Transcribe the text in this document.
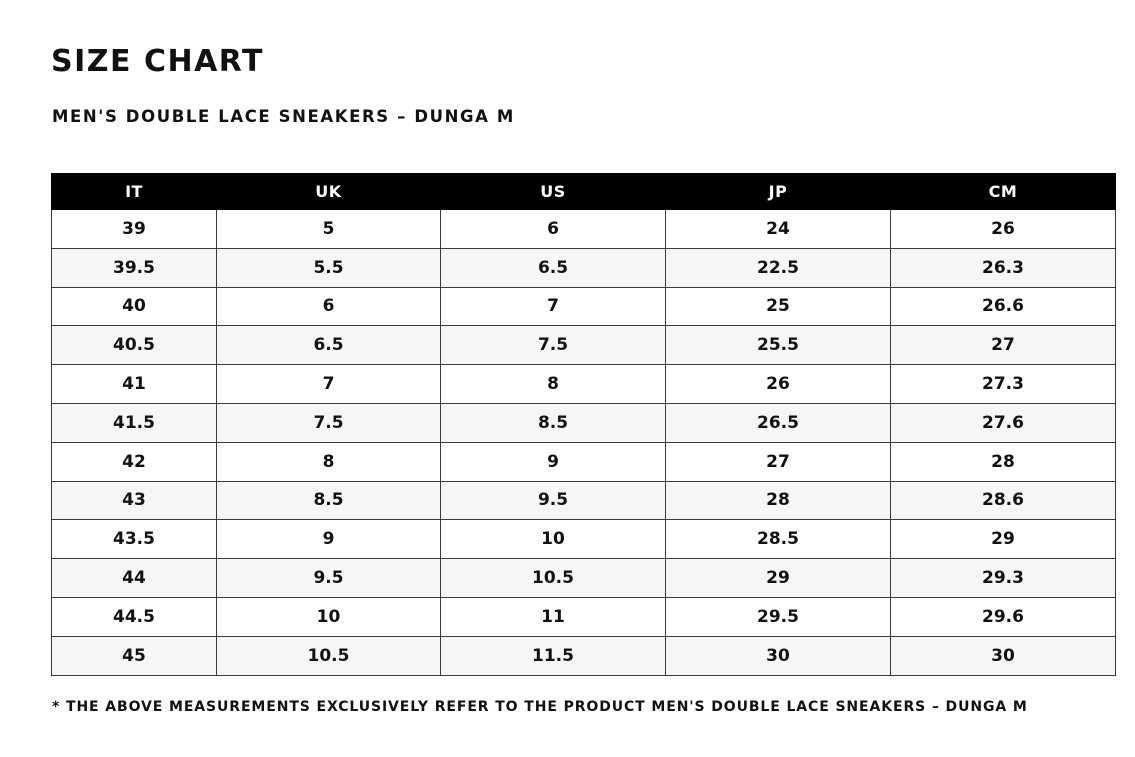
SIZE CHART
MEN'S DOUBLE LACE SNEAKERS – DUNGA M
IT	UK	US	JP	CM
39	5	6	24	26
39.5	5.5	6.5	22.5	26.3
40	6	7	25	26.6
40.5	6.5	7.5	25.5	27
41	7	8	26	27.3
41.5	7.5	8.5	26.5	27.6
42	8	9	27	28
43	8.5	9.5	28	28.6
43.5	9	10	28.5	29
44	9.5	10.5	29	29.3
44.5	10	11	29.5	29.6
45	10.5	11.5	30	30

* THE ABOVE MEASUREMENTS EXCLUSIVELY REFER TO THE PRODUCT MEN'S DOUBLE LACE SNEAKERS – DUNGA M
